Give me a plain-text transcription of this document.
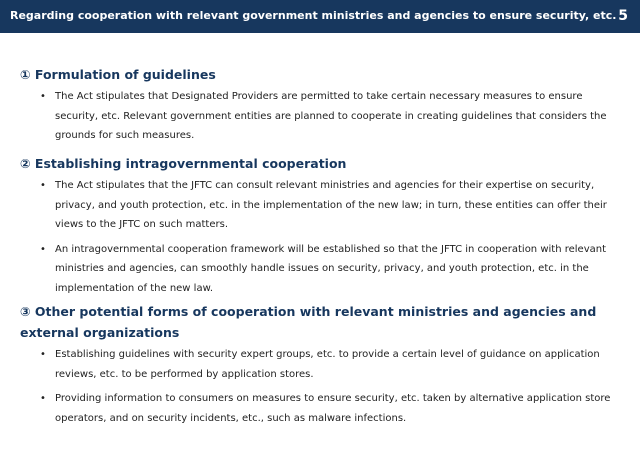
Regarding cooperation with relevant government ministries and agencies to ensure security, etc. 5
① Formulation of guidelines
• The Act stipulates that Designated Providers are permitted to take certain necessary measures to ensure security, etc. Relevant government entities are planned to cooperate in creating guidelines that considers the grounds for such measures.
② Establishing intragovernmental cooperation
• The Act stipulates that the JFTC can consult relevant ministries and agencies for their expertise on security, privacy, and youth protection, etc. in the implementation of the new law; in turn, these entities can offer their views to the JFTC on such matters.
• An intragovernmental cooperation framework will be established so that the JFTC in cooperation with relevant ministries and agencies, can smoothly handle issues on security, privacy, and youth protection, etc. in the implementation of the new law.
③ Other potential forms of cooperation with relevant ministries and agencies and external organizations
• Establishing guidelines with security expert groups, etc. to provide a certain level of guidance on application reviews, etc. to be performed by application stores.
• Providing information to consumers on measures to ensure security, etc. taken by alternative application store operators, and on security incidents, etc., such as malware infections.
